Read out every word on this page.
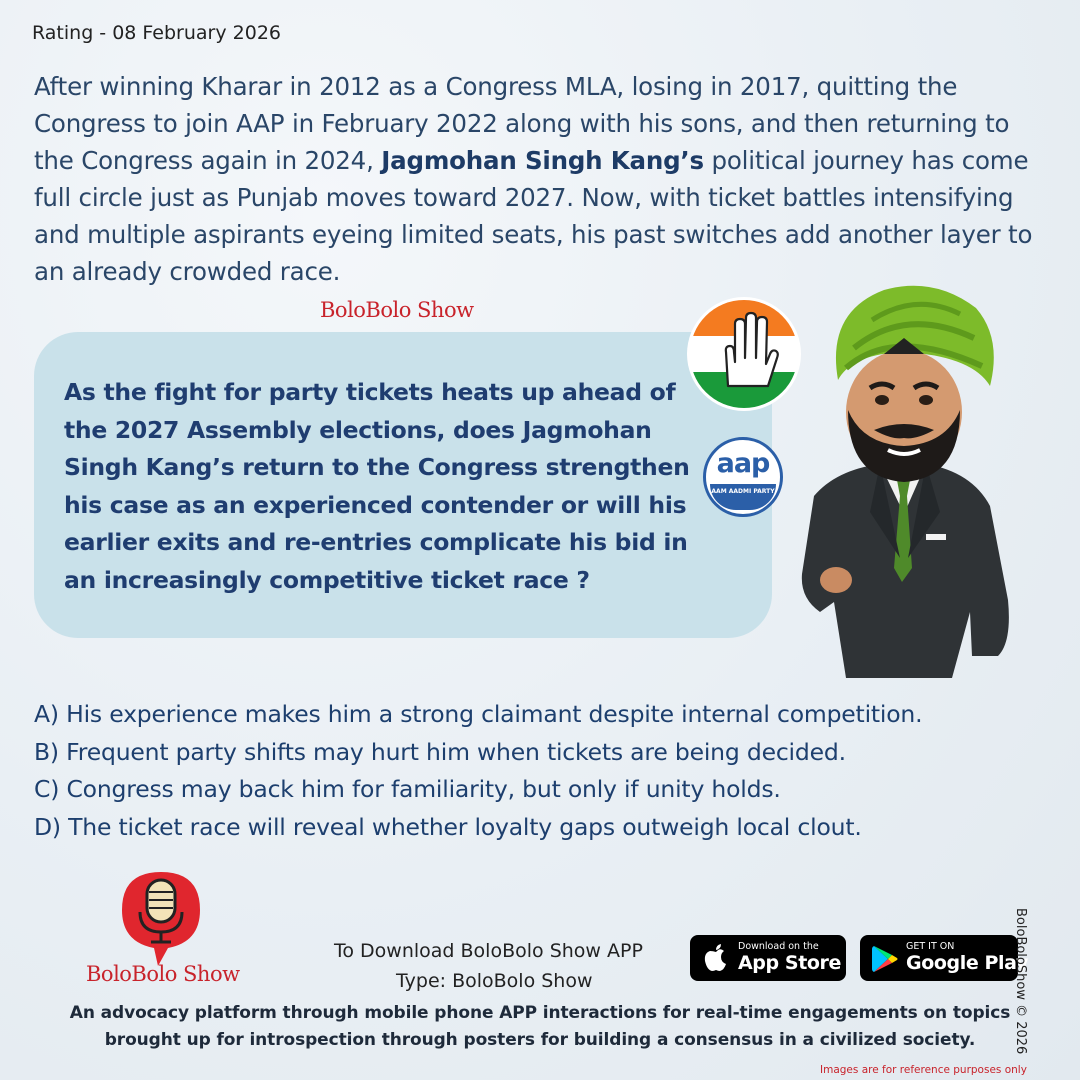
Rating - 08 February 2026
After winning Kharar in 2012 as a Congress MLA, losing in 2017, quitting the Congress to join AAP in February 2022 along with his sons, and then returning to the Congress again in 2024, Jagmohan Singh Kang’s political journey has come full circle just as Punjab moves toward 2027. Now, with ticket battles intensifying and multiple aspirants eyeing limited seats, his past switches add another layer to an already crowded race.
BoloBolo Show
As the fight for party tickets heats up ahead of the 2027 Assembly elections, does Jagmohan Singh Kang’s return to the Congress strengthen his case as an experienced contender or will his earlier exits and re-entries complicate his bid in an increasingly competitive ticket race ?
aap
AAM AADMI PARTY
A) His experience makes him a strong claimant despite internal competition.
B) Frequent party shifts may hurt him when tickets are being decided.
C) Congress may back him for familiarity, but only if unity holds.
D) The ticket race will reveal whether loyalty gaps outweigh local clout.
BoloBolo Show
To Download BoloBolo Show APP
Type: BoloBolo Show
Download on the
App Store
GET IT ON
Google Play
An advocacy platform through mobile phone APP interactions for real-time engagements on topics brought up for introspection through posters for building a consensus in a civilized society.	BoloBoloShow © 2026
Images are for reference purposes only
